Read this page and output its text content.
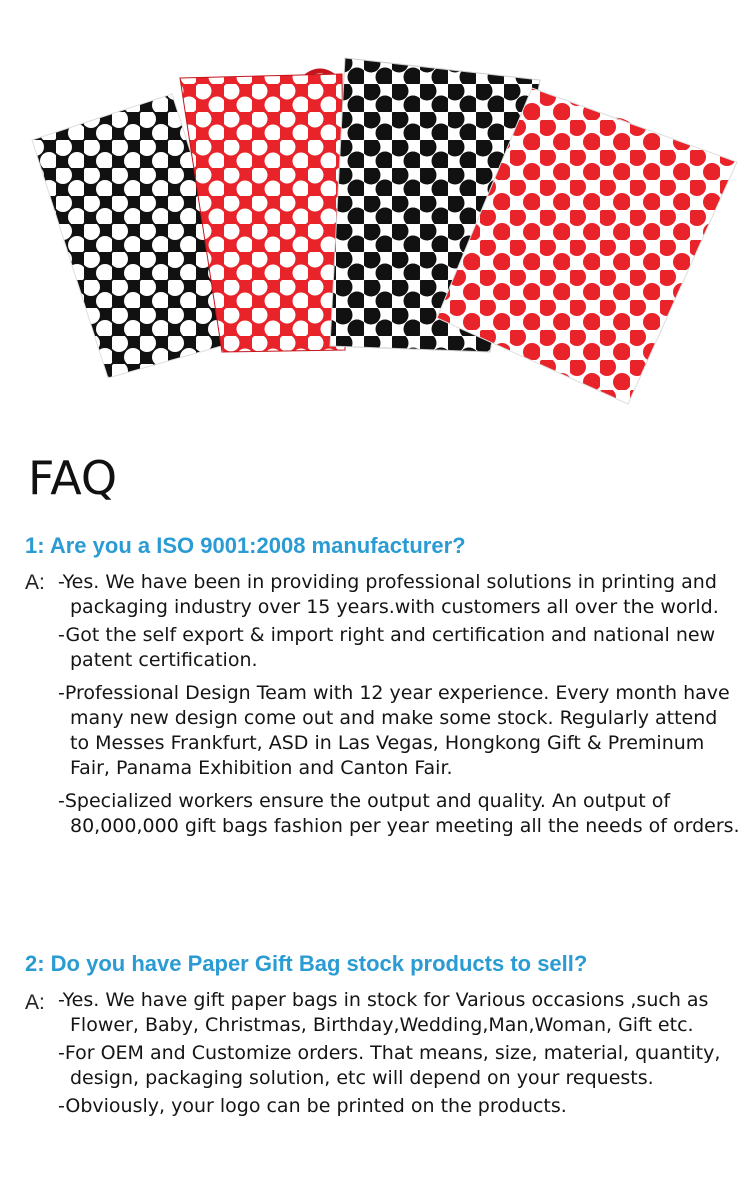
FAQ
1: Are you a ISO 9001:2008 manufacturer?
A: -Yes. We have been in providing professional solutions in printing and packaging industry over 15 years.with customers all over the world.

-Got the self export & import right and certification and national new patent certification.

-Professional Design Team with 12 year experience. Every month have many new design come out and make some stock. Regularly attend to Messes Frankfurt, ASD in Las Vegas, Hongkong Gift & Preminum Fair, Panama Exhibition and Canton Fair.

-Specialized workers ensure the output and quality. An output of 80,000,000 gift bags fashion per year meeting all the needs of orders.

2: Do you have Paper Gift Bag stock products to sell?
A: -Yes. We have gift paper bags in stock for Various occasions ,such as Flower, Baby, Christmas, Birthday,Wedding,Man,Woman, Gift etc.

-For OEM and Customize orders. That means, size, material, quantity, design, packaging solution, etc will depend on your requests.

-Obviously, your logo can be printed on the products.
